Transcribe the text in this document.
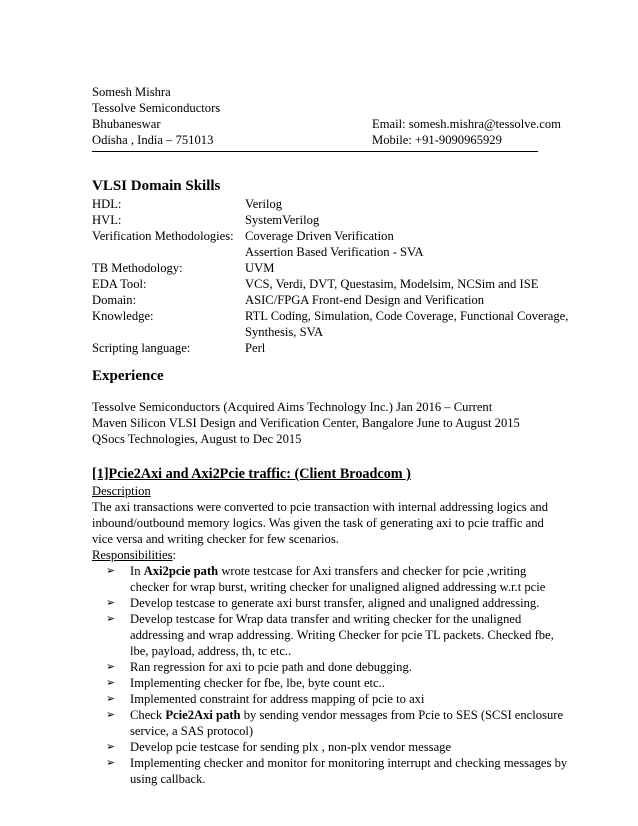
Somesh Mishra
Tessolve Semiconductors
Bhubaneswar	Email: somesh.mishra@tessolve.com
Odisha , India – 751013	Mobile: +91-9090965929
VLSI Domain Skills
HDL:	Verilog
HVL:	SystemVerilog
Verification Methodologies: Coverage Driven Verification
Assertion Based Verification - SVA
TB Methodology:	UVM
EDA Tool:	VCS, Verdi, DVT, Questasim, Modelsim, NCSim and ISE
Domain:	ASIC/FPGA Front-end Design and Verification
Knowledge:	RTL Coding, Simulation, Code Coverage, Functional Coverage,
Synthesis, SVA
Scripting language:	Perl
Experience
Tessolve Semiconductors (Acquired Aims Technology Inc.) Jan 2016 – Current
Maven Silicon VLSI Design and Verification Center, Bangalore June to August 2015
QSocs Technologies, August to Dec 2015
[1]Pcie2Axi and Axi2Pcie traffic: (Client Broadcom )
Description
The axi transactions were converted to pcie transaction with internal addressing logics and
inbound/outbound memory logics. Was given the task of generating axi to pcie traffic and
vice versa and writing checker for few scenarios.
Responsibilities:
➢ In Axi2pcie path wrote testcase for Axi transfers and checker for pcie ,writing
checker for wrap burst, writing checker for unaligned aligned addressing w.r.t pcie
➢ Develop testcase to generate axi burst transfer, aligned and unaligned addressing.
➢ Develop testcase for Wrap data transfer and writing checker for the unaligned
addressing and wrap addressing. Writing Checker for pcie TL packets. Checked fbe,
lbe, payload, address, th, tc etc..
➢ Ran regression for axi to pcie path and done debugging.
➢ Implementing checker for fbe, lbe, byte count etc..
➢ Implemented constraint for address mapping of pcie to axi
➢ Check Pcie2Axi path by sending vendor messages from Pcie to SES (SCSI enclosure
service, a SAS protocol)
➢ Develop pcie testcase for sending plx , non-plx vendor message
➢ Implementing checker and monitor for monitoring interrupt and checking messages by
using callback.
